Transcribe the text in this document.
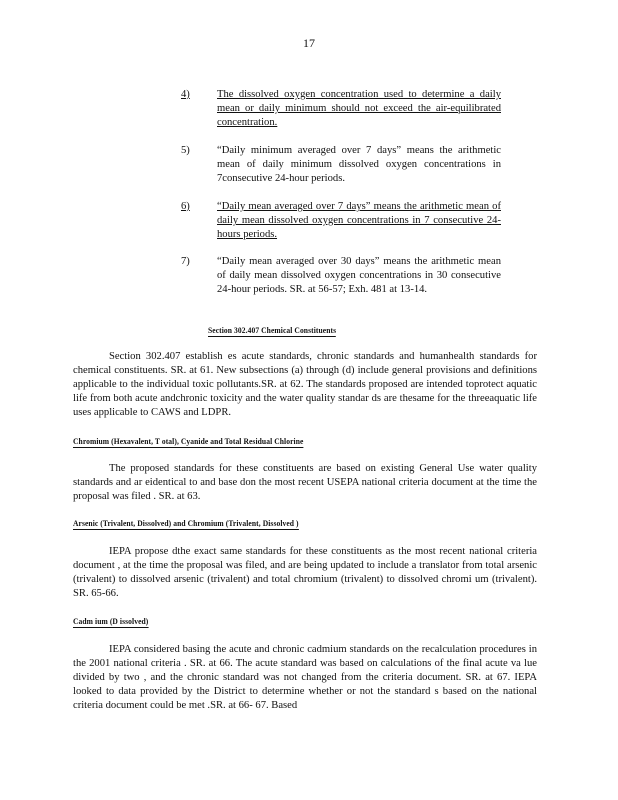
17
4)	The dissolved oxygen concentration used to determine a daily mean or daily minimum should not exceed the air-equilibrated concentration.
5)	“Daily minimum averaged over 7 days” means the arithmetic mean of daily minimum dissolved oxygen concentrations in 7consecutive 24-hour periods.
6)	“Daily mean averaged over 7 days” means the arithmetic mean of daily mean dissolved oxygen concentrations in 7 consecutive 24-hours periods.
7)	“Daily mean averaged over 30 days” means the arithmetic mean of daily mean dissolved oxygen concentrations in 30 consecutive 24-hour periods. SR. at 56-57; Exh. 481 at 13-14.
Section 302.407 Chemical Constituents
Section 302.407 establish es acute standards, chronic standards and humanhealth standards for chemical constituents. SR. at 61. New subsections (a) through (d) include general provisions and definitions applicable to the individual toxic pollutants.SR. at 62. The standards proposed are intended toprotect aquatic life from both acute andchronic toxicity and the water quality standar ds are thesame for the threeaquatic life uses applicable to CAWS and LDPR.
Chromium (Hexavalent, T otal), Cyanide and Total Residual Chlorine
The proposed standards for these constituents are based on existing General Use water quality standards and ar eidentical to and base don the most recent USEPA national criteria document at the time the proposal was filed . SR. at 63.
Arsenic (Trivalent, Dissolved) and Chromium (Trivalent, Dissolved )
IEPA propose dthe exact same standards for these constituents as the most recent national criteria document , at the time the proposal was filed, and are being updated to include a translator from total arsenic (trivalent) to dissolved arsenic (trivalent) and total chromium (trivalent) to dissolved chromi um (trivalent). SR. 65-66.
Cadm ium (D issolved)
IEPA considered basing the acute and chronic cadmium standards on the recalculation procedures in the 2001 national criteria . SR. at 66. The acute standard was based on calculations of the final acute va lue divided by two , and the chronic standard was not changed from the criteria document. SR. at 67. IEPA looked to data provided by the District to determine whether or not the standard s based on the national criteria document could be met .SR. at 66- 67. Based
